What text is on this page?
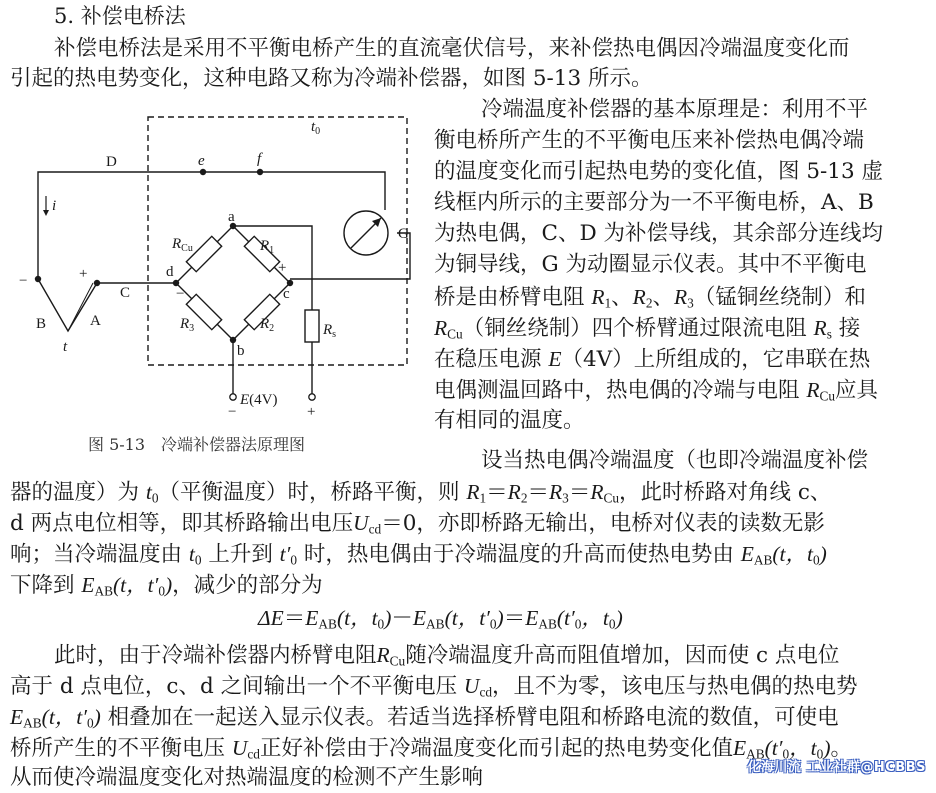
5. 补偿电桥法
补偿电桥法是采用不平衡电桥产生的直流毫伏信号，来补偿热电偶因冷端温度变化而
引起的热电势变化，这种电路又称为冷端补偿器，如图 5-13 所示。
冷端温度补偿器的基本原理是：利用不平
衡电桥所产生的不平衡电压来补偿热电偶冷端
的温度变化而引起热电势的变化值，图 5-13 虚
线框内所示的主要部分为一不平衡电桥，A、B
为热电偶，C、D 为补偿导线，其余部分连线均
为铜导线，G 为动圈显示仪表。其中不平衡电
桥是由桥臂电阻 $R_1$、$R_2$、$R_3$（锰铜丝绕制）和
$R_{Cu}$（铜丝绕制）四个桥臂通过限流电阻 $R_s$ 接
在稳压电源 E（4V）上所组成的，它串联在热
电偶测温回路中，热电偶的冷端与电阻 $R_{Cu}$应具
有相同的温度。
设当热电偶冷端温度（也即冷端温度补偿
器的温度）为 $t_0$（平衡温度）时，桥路平衡，则 $R_1=R_2=R_3=R_{Cu}$，此时桥路对角线 c、
d 两点电位相等，即其桥路输出电压$U_{cd}=0$，亦即桥路无输出，电桥对仪表的读数无影
响；当冷端温度由 $t_0$ 上升到 $t'_0$ 时，热电偶由于冷端温度的升高而使热电势由 $E_{AB}(t$，$t_0$)
下降到 $E_{AB}(t$，$t'_0$)，减少的部分为
$\Delta E=E_{AB}(t$，$t_0)-E_{AB}(t$，$t'_0)=E_{AB}(t'_0$，$t_0$)
此时，由于冷端补偿器内桥臂电阻$R_{Cu}$随冷端温度升高而阻值增加，因而使 c 点电位
高于 d 点电位，c、d 之间输出一个不平衡电压 $U_{cd}$，且不为零，该电压与热电偶的热电势
$E_{AB}(t$，$t'_0$) 相叠加在一起送入显示仪表。若适当选择桥臂电阻和桥路电流的数值，可使电
桥所产生的不平衡电压 $U_{cd}$正好补偿由于冷端温度变化而引起的热电势变化值$E_{AB}(t'_0$，$t_0$)。
从而使冷端温度变化对热端温度的检测不产生影响
$t_0$
D	e	f
i
G
a
b
c
d
C
A
B
t
$R_{Cu}$	$R_1$
$R_3$	$R_2$	$R_s$
E(4V)
−	+	+
−
−	+
图 5-13　冷端补偿器法原理图
化海川流 工业社群@HCBBS
